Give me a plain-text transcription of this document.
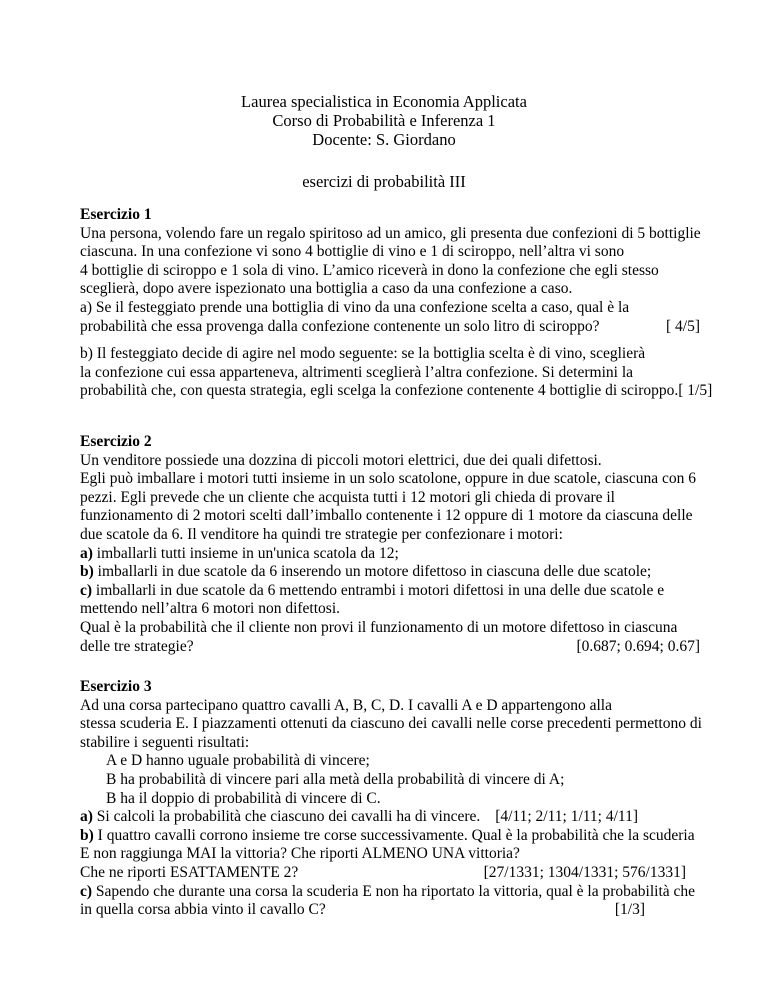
Laurea specialistica in Economia Applicata
Corso di Probabilità e Inferenza 1
Docente: S. Giordano
esercizi di probabilità III
Esercizio 1
Una persona, volendo fare un regalo spiritoso ad un amico, gli presenta due confezioni di 5 bottiglie
ciascuna. In una confezione vi sono 4 bottiglie di vino e 1 di sciroppo, nell’altra vi sono
4 bottiglie di sciroppo e 1 sola di vino. L’amico riceverà in dono la confezione che egli stesso
sceglierà, dopo avere ispezionato una bottiglia a caso da una confezione a caso.
a) Se il festeggiato prende una bottiglia di vino da una confezione scelta a caso, qual è la
probabilità che essa provenga dalla confezione contenente un solo litro di sciroppo?	[ 4/5]
b) Il festeggiato decide di agire nel modo seguente: se la bottiglia scelta è di vino, sceglierà
la confezione cui essa apparteneva, altrimenti sceglierà l’altra confezione. Si determini la
probabilità che, con questa strategia, egli scelga la confezione contenente 4 bottiglie di sciroppo.[ 1/5]
Esercizio 2
Un venditore possiede una dozzina di piccoli motori elettrici, due dei quali difettosi.
Egli può imballare i motori tutti insieme in un solo scatolone, oppure in due scatole, ciascuna con 6
pezzi. Egli prevede che un cliente che acquista tutti i 12 motori gli chieda di provare il
funzionamento di 2 motori scelti dall’imballo contenente i 12 oppure di 1 motore da ciascuna delle
due scatole da 6. Il venditore ha quindi tre strategie per confezionare i motori:
a) imballarli tutti insieme in un'unica scatola da 12;
b) imballarli in due scatole da 6 inserendo un motore difettoso in ciascuna delle due scatole;
c) imballarli in due scatole da 6 mettendo entrambi i motori difettosi in una delle due scatole e
mettendo nell’altra 6 motori non difettosi.
Qual è la probabilità che il cliente non provi il funzionamento di un motore difettoso in ciascuna
delle tre strategie?	[0.687; 0.694; 0.67]
Esercizio 3
Ad una corsa partecipano quattro cavalli A, B, C, D. I cavalli A e D appartengono alla
stessa scuderia E. I piazzamenti ottenuti da ciascuno dei cavalli nelle corse precedenti permettono di
stabilire i seguenti risultati:
A e D hanno uguale probabilità di vincere;
B ha probabilità di vincere pari alla metà della probabilità di vincere di A;
B ha il doppio di probabilità di vincere di C.
a) Si calcoli la probabilità che ciascuno dei cavalli ha di vincere. [4/11; 2/11; 1/11; 4/11]
b) I quattro cavalli corrono insieme tre corse successivamente. Qual è la probabilità che la scuderia
E non raggiunga MAI la vittoria? Che riporti ALMENO UNA vittoria?
Che ne riporti ESATTAMENTE 2?	[27/1331; 1304/1331; 576/1331]
c) Sapendo che durante una corsa la scuderia E non ha riportato la vittoria, qual è la probabilità che
in quella corsa abbia vinto il cavallo C?	[1/3]
